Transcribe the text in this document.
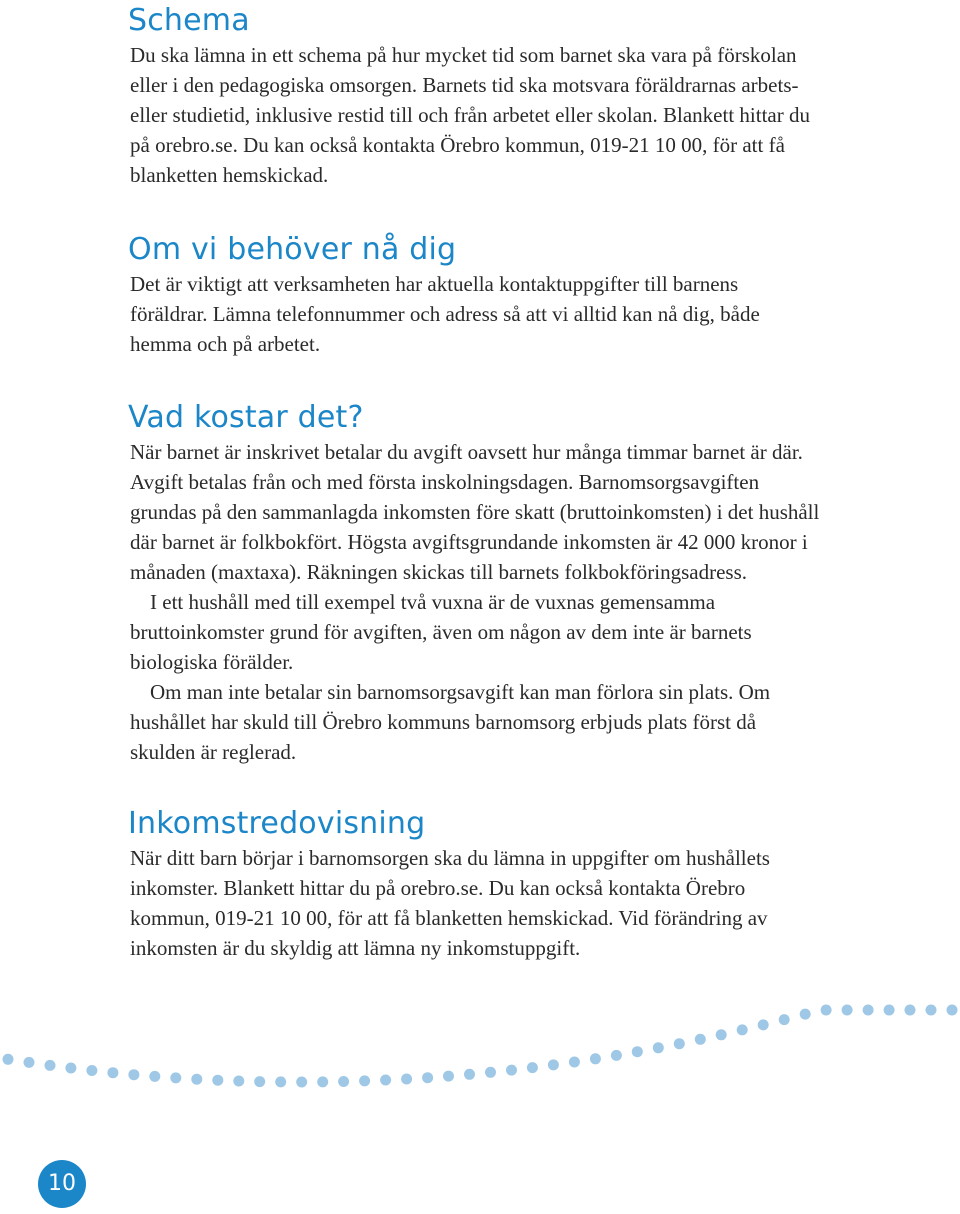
Schema

Du ska lämna in ett schema på hur mycket tid som barnet ska vara på förskolan eller i den pedagogiska omsorgen. Barnets tid ska motsvara föräldrarnas arbets- eller studietid, inklusive restid till och från arbetet eller skolan. Blankett hittar du på orebro.se. Du kan också kontakta Örebro kommun, 019-21 10 00, för att få blanketten hemskickad.

Om vi behöver nå dig

Det är viktigt att verksamheten har aktuella kontaktuppgifter till barnens föräldrar. Lämna telefonnummer och adress så att vi alltid kan nå dig, både hemma och på arbetet.

Vad kostar det?

När barnet är inskrivet betalar du avgift oavsett hur många timmar barnet är där. Avgift betalas från och med första inskolningsdagen. Barnomsorgsavgiften grundas på den sammanlagda inkomsten före skatt (bruttoinkomsten) i det hushåll där barnet är folkbokfört. Högsta avgiftsgrundande inkomsten är 42 000 kronor i månaden (maxtaxa). Räkningen skickas till barnets folkbokföringsadress.

I ett hushåll med till exempel två vuxna är de vuxnas gemensamma bruttoinkomster grund för avgiften, även om någon av dem inte är barnets biologiska förälder.

Om man inte betalar sin barnomsorgsavgift kan man förlora sin plats. Om hushållet har skuld till Örebro kommuns barnomsorg erbjuds plats först då skulden är reglerad.

Inkomstredovisning

När ditt barn börjar i barnomsorgen ska du lämna in uppgifter om hushållets inkomster. Blankett hittar du på orebro.se. Du kan också kontakta Örebro kommun, 019-21 10 00, för att få blanketten hemskickad. Vid förändring av inkomsten är du skyldig att lämna ny inkomstuppgift.

10
